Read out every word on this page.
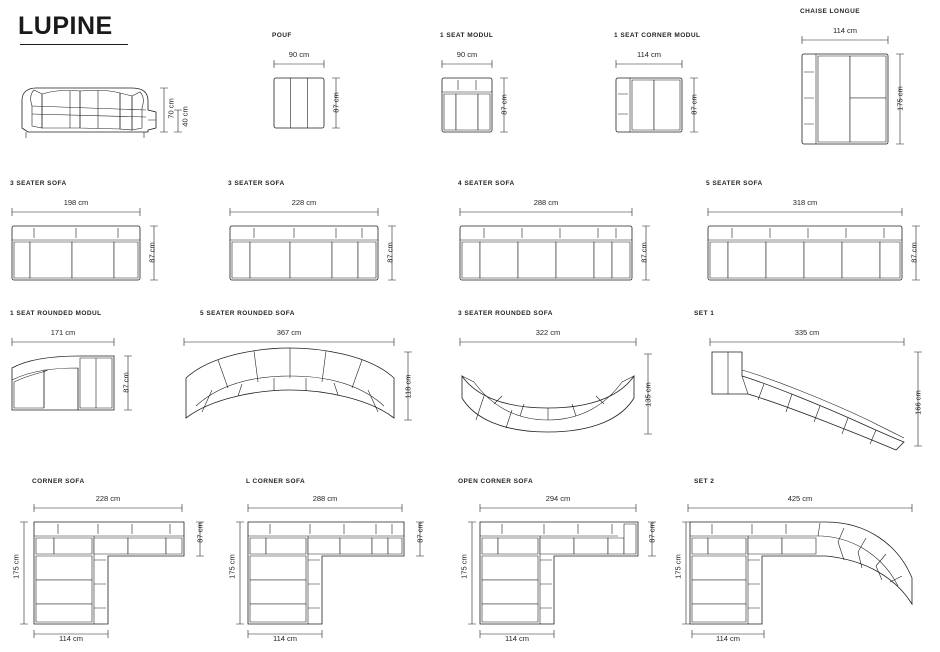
LUPINE
70 cm 40 cm
POUF
90 cm
87 cm
1 SEAT MODUL
90 cm
87 cm
1 SEAT CORNER MODUL
114 cm
87 cm
CHAISE LONGUE
114 cm
175 cm
3 SEATER SOFA
198 cm
87 cm
3 SEATER SOFA
228 cm
87 cm
4 SEATER SOFA
288 cm
87 cm
5 SEATER SOFA
318 cm
87 cm
1 SEAT ROUNDED MODUL
171 cm
87 cm
5 SEATER ROUNDED SOFA
367 cm
118 cm
3 SEATER ROUNDED SOFA
322 cm
135 cm
SET 1
335 cm
166 cm
CORNER SOFA
228 cm
87 cm
175 cm
114 cm
L CORNER SOFA
288 cm
87 cm
175 cm
114 cm
OPEN CORNER SOFA
294 cm
87 cm
175 cm
114 cm
SET 2
425 cm
175 cm
114 cm
